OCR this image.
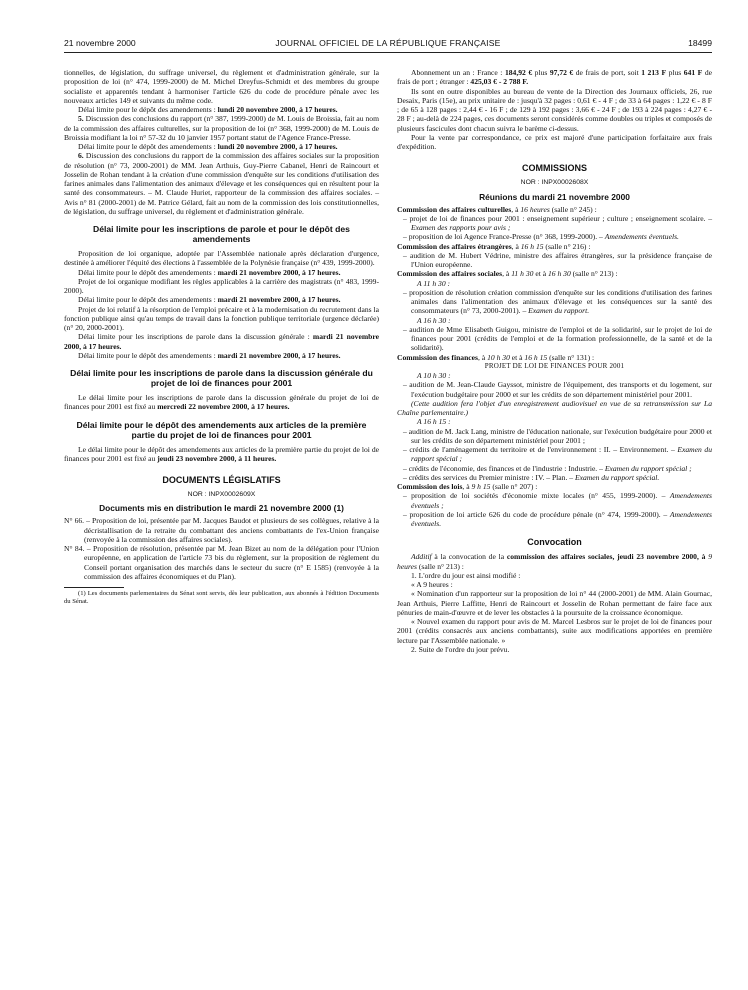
21 novembre 2000	JOURNAL OFFICIEL DE LA RÉPUBLIQUE FRANÇAISE	18499

tionnelles, de législation, du suffrage universel, du règlement et d'administration générale, sur la proposition de loi (n° 474, 1999-2000) de M. Michel Dreyfus-Schmidt et des membres du groupe socialiste et apparentés tendant à harmoniser l'article 626 du code de procédure pénale avec les nouveaux articles 149 et suivants du même code.

Délai limite pour le dépôt des amendements : lundi 20 novembre 2000, à 17 heures.

5. Discussion des conclusions du rapport (n° 387, 1999-2000) de M. Louis de Broissia, fait au nom de la commission des affaires culturelles, sur la proposition de loi (n° 368, 1999-2000) de M. Louis de Broissia modifiant la loi n° 57-32 du 10 janvier 1957 portant statut de l'Agence France-Presse.

Délai limite pour le dépôt des amendements : lundi 20 novembre 2000, à 17 heures.

6. Discussion des conclusions du rapport de la commission des affaires sociales sur la proposition de résolution (n° 73, 2000-2001) de MM. Jean Arthuis, Guy-Pierre Cabanel, Henri de Raincourt et Josselin de Rohan tendant à la création d'une commission d'enquête sur les conditions d'utilisation des farines animales dans l'alimentation des animaux d'élevage et les conséquences qui en résultent pour la santé des consommateurs. – M. Claude Huriet, rapporteur de la commission des affaires sociales. – Avis n° 81 (2000-2001) de M. Patrice Gélard, fait au nom de la commission des lois constitutionnelles, de législation, du suffrage universel, du règlement et d'administration générale.

Délai limite pour les inscriptions de parole et pour le dépôt des amendements

Proposition de loi organique, adoptée par l'Assemblée nationale après déclaration d'urgence, destinée à améliorer l'équité des élections à l'assemblée de la Polynésie française (n° 439, 1999-2000).

Délai limite pour le dépôt des amendements : mardi 21 novembre 2000, à 17 heures.

Projet de loi organique modifiant les règles applicables à la carrière des magistrats (n° 483, 1999-2000).

Délai limite pour le dépôt des amendements : mardi 21 novembre 2000, à 17 heures.

Projet de loi relatif à la résorption de l'emploi précaire et à la modernisation du recrutement dans la fonction publique ainsi qu'au temps de travail dans la fonction publique territoriale (urgence déclarée) (n° 20, 2000-2001).

Délai limite pour les inscriptions de parole dans la discussion générale : mardi 21 novembre 2000, à 17 heures.

Délai limite pour le dépôt des amendements : mardi 21 novembre 2000, à 17 heures.

Délai limite pour les inscriptions de parole dans la discussion générale du projet de loi de finances pour 2001

Le délai limite pour les inscriptions de parole dans la discussion générale du projet de loi de finances pour 2001 est fixé au mercredi 22 novembre 2000, à 17 heures.

Délai limite pour le dépôt des amendements aux articles de la première partie du projet de loi de finances pour 2001

Le délai limite pour le dépôt des amendements aux articles de la première partie du projet de loi de finances pour 2001 est fixé au jeudi 23 novembre 2000, à 11 heures.

DOCUMENTS LÉGISLATIFS
NOR : INPX0002609X
Documents mis en distribution le mardi 21 novembre 2000 (1)

N° 66. – Proposition de loi, présentée par M. Jacques Baudot et plusieurs de ses collègues, relative à la décristallisation de la retraite du combattant des anciens combattants de l'ex-Union française (renvoyée à la commission des affaires sociales).

N° 84. – Proposition de résolution, présentée par M. Jean Bizet au nom de la délégation pour l'Union européenne, en application de l'article 73 bis du règlement, sur la proposition de règlement du Conseil portant organisation des marchés dans le secteur du sucre (n° E 1585) (renvoyée à la commission des affaires économiques et du Plan).

(1) Les documents parlementaires du Sénat sont servis, dès leur publication, aux abonnés à l'édition Documents du Sénat.

Abonnement un an : France : 184,92 € plus 97,72 € de frais de port, soit 1 213 F plus 641 F de frais de port ; étranger : 425,03 € - 2 788 F.

Ils sont en outre disponibles au bureau de vente de la Direction des Journaux officiels, 26, rue Desaix, Paris (15e), au prix unitaire de : jusqu'à 32 pages : 0,61 € - 4 F ; de 33 à 64 pages : 1,22 € - 8 F ; de 65 à 128 pages : 2,44 € - 16 F ; de 129 à 192 pages : 3,66 € - 24 F ; de 193 à 224 pages : 4,27 € - 28 F ; au-delà de 224 pages, ces documents seront considérés comme doubles ou triples et composés de plusieurs fascicules dont chacun suivra le barème ci-dessus.

Pour la vente par correspondance, ce prix est majoré d'une participation forfaitaire aux frais d'expédition.

COMMISSIONS
NOR : INPX0002608X
Réunions du mardi 21 novembre 2000

Commission des affaires culturelles, à 16 heures (salle n° 245) :

– projet de loi de finances pour 2001 : enseignement supérieur ; culture ; enseignement scolaire. – Examen des rapports pour avis ;

– proposition de loi Agence France-Presse (n° 368, 1999-2000). – Amendements éventuels.

Commission des affaires étrangères, à 16 h 15 (salle n° 216) :

– audition de M. Hubert Védrine, ministre des affaires étrangères, sur la présidence française de l'Union européenne.

Commission des affaires sociales, à 11 h 30 et à 16 h 30 (salle n° 213) :

A 11 h 30 :

– proposition de résolution création commission d'enquête sur les conditions d'utilisation des farines animales dans l'alimentation des animaux d'élevage et les conséquences sur la santé des consommateurs (n° 73, 2000-2001). – Examen du rapport.

A 16 h 30 :

– audition de Mme Elisabeth Guigou, ministre de l'emploi et de la solidarité, sur le projet de loi de finances pour 2001 (crédits de l'emploi et de la formation professionnelle, de la santé et de la solidarité).

Commission des finances, à 10 h 30 et à 16 h 15 (salle n° 131) :

PROJET DE LOI DE FINANCES POUR 2001

A 10 h 30 :

– audition de M. Jean-Claude Gayssot, ministre de l'équipement, des transports et du logement, sur l'exécution budgétaire pour 2000 et sur les crédits de son département ministériel pour 2001.

(Cette audition fera l'objet d'un enregistrement audiovisuel en vue de sa retransmission sur La Chaîne parlementaire.)

A 16 h 15 :

– audition de M. Jack Lang, ministre de l'éducation nationale, sur l'exécution budgétaire pour 2000 et sur les crédits de son département ministériel pour 2001 ;

– crédits de l'aménagement du territoire et de l'environnement : II. – Environnement. – Examen du rapport spécial ;

– crédits de l'économie, des finances et de l'industrie : Industrie. – Examen du rapport spécial ;

– crédits des services du Premier ministre : IV. – Plan. – Examen du rapport spécial.

Commission des lois, à 9 h 15 (salle n° 207) :

– proposition de loi sociétés d'économie mixte locales (n° 455, 1999-2000). – Amendements éventuels ;

– proposition de loi article 626 du code de procédure pénale (n° 474, 1999-2000). – Amendements éventuels.

Convocation

Additif à la convocation de la commission des affaires sociales, jeudi 23 novembre 2000, à 9 heures (salle n° 213) :

1. L'ordre du jour est ainsi modifié :

« A 9 heures :

« Nomination d'un rapporteur sur la proposition de loi n° 44 (2000-2001) de MM. Alain Gournac, Jean Arthuis, Pierre Laffitte, Henri de Raincourt et Josselin de Rohan permettant de faire face aux pénuries de main-d'œuvre et de lever les obstacles à la poursuite de la croissance économique.

« Nouvel examen du rapport pour avis de M. Marcel Lesbros sur le projet de loi de finances pour 2001 (crédits consacrés aux anciens combattants), suite aux modifications apportées en première lecture par l'Assemblée nationale. »

2. Suite de l'ordre du jour prévu.
